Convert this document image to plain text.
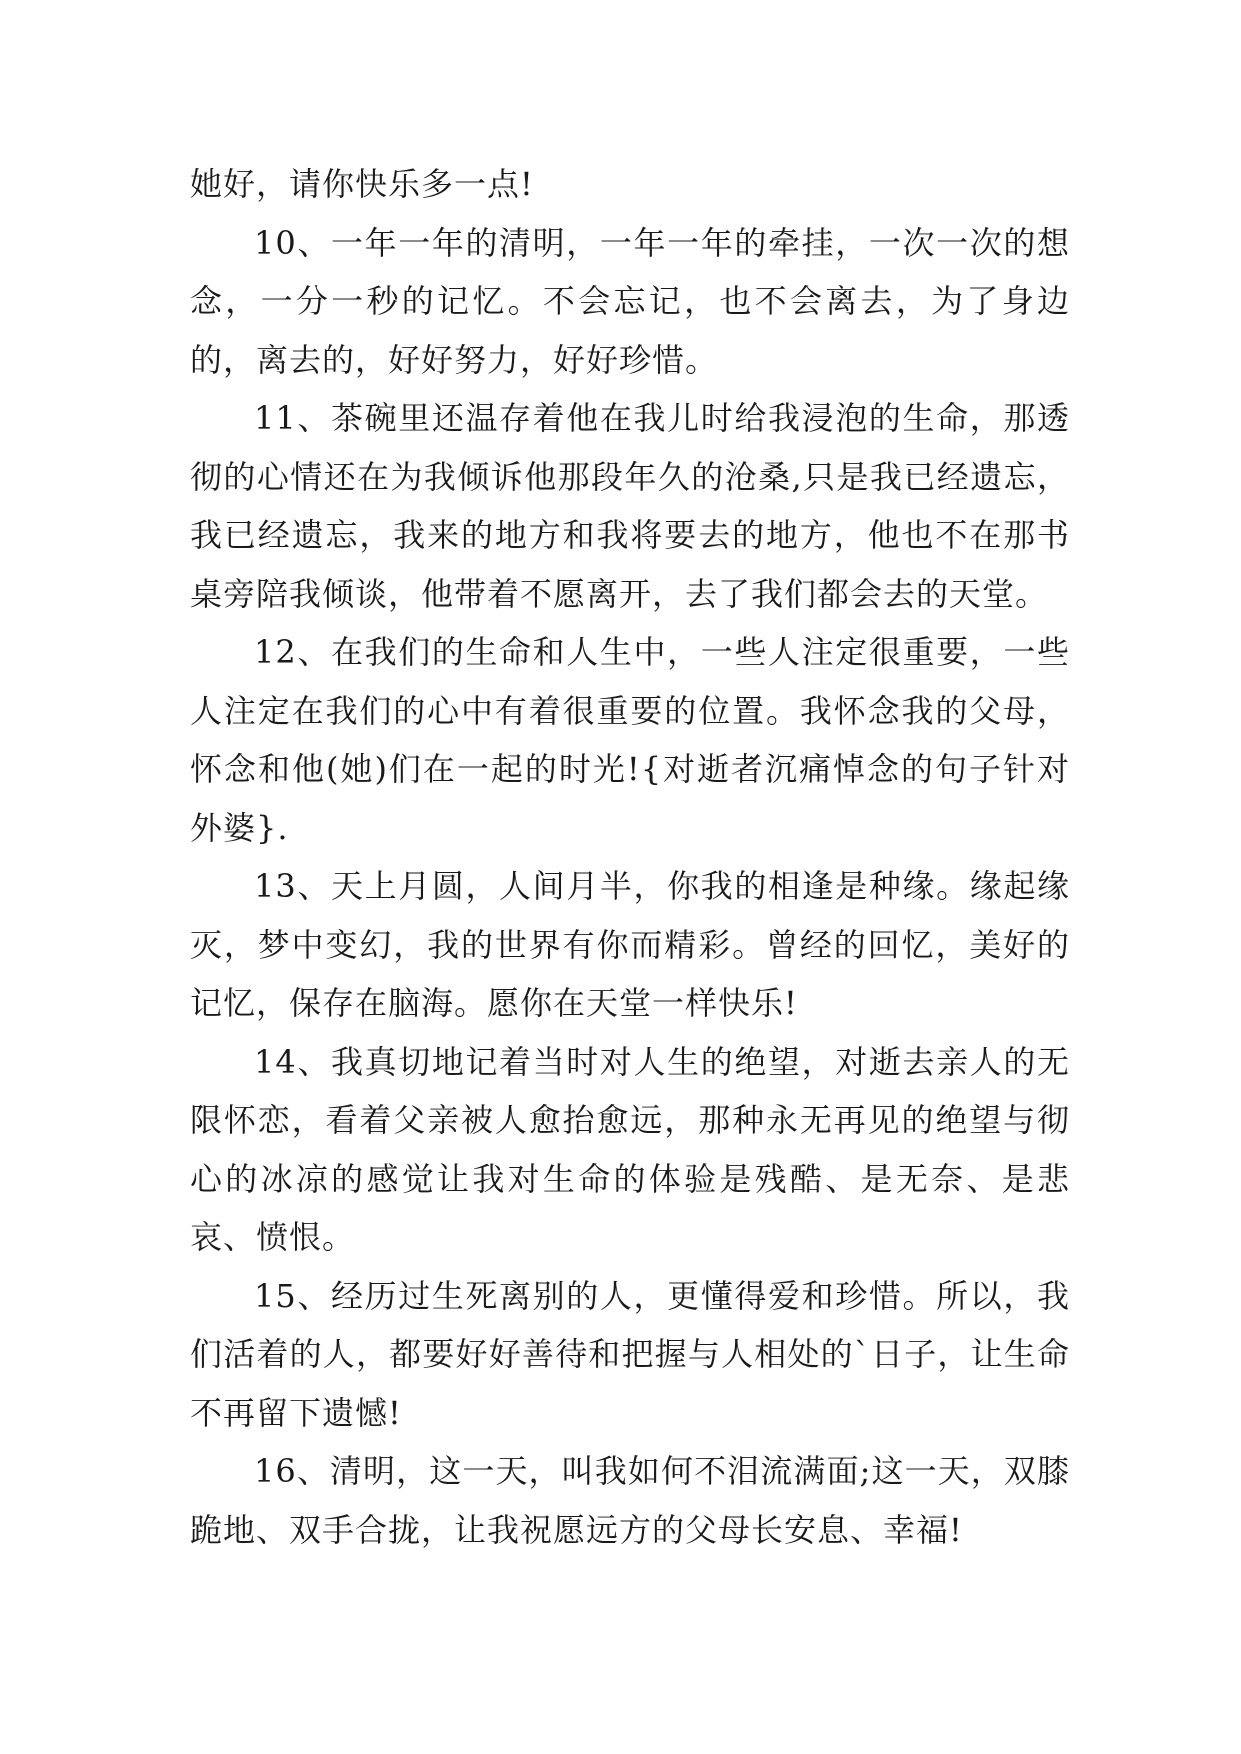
她好，请你快乐多一点!

10、一年一年的清明，一年一年的牵挂，一次一次的想念，一分一秒的记忆。不会忘记，也不会离去，为了身边的，离去的，好好努力，好好珍惜。

11、茶碗里还温存着他在我儿时给我浸泡的生命，那透彻的心情还在为我倾诉他那段年久的沧桑,只是我已经遗忘，我已经遗忘，我来的地方和我将要去的地方，他也不在那书桌旁陪我倾谈，他带着不愿离开，去了我们都会去的天堂。

12、在我们的生命和人生中，一些人注定很重要，一些人注定在我们的心中有着很重要的位置。我怀念我的父母，怀念和他(她)们在一起的时光!{对逝者沉痛悼念的句子针对外婆}.

13、天上月圆，人间月半，你我的相逢是种缘。缘起缘灭，梦中变幻，我的世界有你而精彩。曾经的回忆，美好的记忆，保存在脑海。愿你在天堂一样快乐!

14、我真切地记着当时对人生的绝望，对逝去亲人的无限怀恋，看着父亲被人愈抬愈远，那种永无再见的绝望与彻心的冰凉的感觉让我对生命的体验是残酷、是无奈、是悲哀、愤恨。

15、经历过生死离别的人，更懂得爱和珍惜。所以，我们活着的人，都要好好善待和把握与人相处的`日子，让生命不再留下遗憾!

16、清明，这一天，叫我如何不泪流满面;这一天，双膝跪地、双手合拢，让我祝愿远方的父母长安息、幸福!
